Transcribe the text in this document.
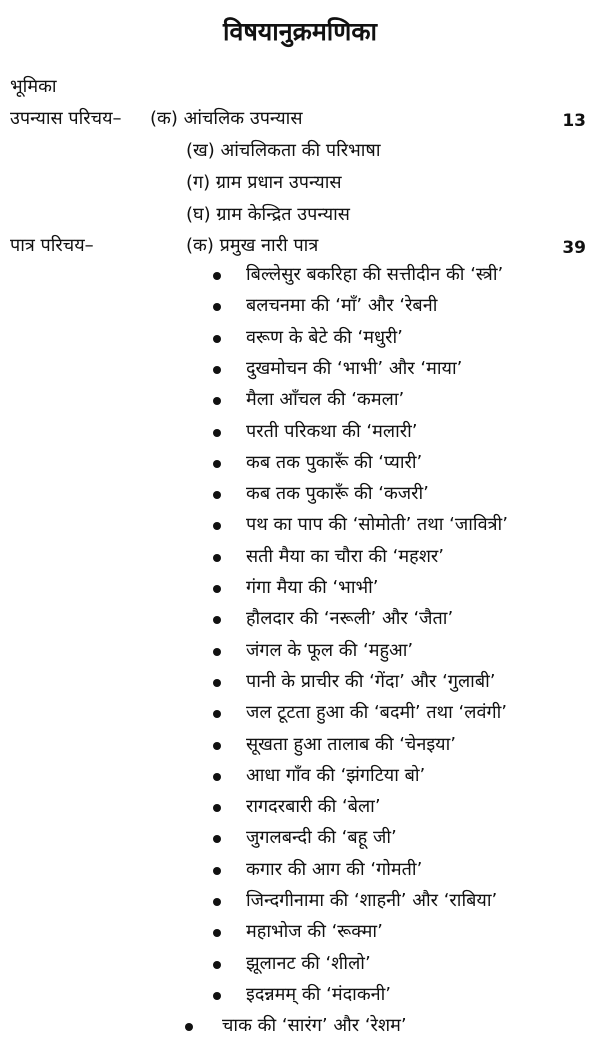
विषयानुक्रमणिका
भूमिका
उपन्यास परिचय– (क) आंचलिक उपन्यास	13
(ख) आंचलिकता की परिभाषा
(ग) ग्राम प्रधान उपन्यास
(घ) ग्राम केन्द्रित उपन्यास
पात्र परिचय–	(क) प्रमुख नारी पात्र	39
बिल्लेसुर बकरिहा की सत्तीदीन की ‘स्त्री’
बलचनमा की ‘माँ’ और ‘रेबनी
वरूण के बेटे की ‘मधुरी’
दुखमोचन की ‘भाभी’ और ‘माया’
मैला आँचल की ‘कमला’
परती परिकथा की ‘मलारी’
कब तक पुकारूँ की ‘प्यारी’
कब तक पुकारूँ की ‘कजरी’
पथ का पाप की ‘सोमोती’ तथा ‘जावित्री’
सती मैया का चौरा की ‘महशर’
गंगा मैया की ‘भाभी’
हौलदार की ‘नरूली’ और ‘जैता’
जंगल के फूल की ‘महुआ’
पानी के प्राचीर की ‘गेंदा’ और ‘गुलाबी’
जल टूटता हुआ की ‘बदमी’ तथा ‘लवंगी’
सूखता हुआ तालाब की ‘चेनइया’
आधा गाँव की ‘झंगटिया बो’
रागदरबारी की ‘बेला’
जुगलबन्दी की ‘बहू जी’
कगार की आग की ‘गोमती’
जिन्दगीनामा की ‘शाहनी’ और ‘राबिया’
महाभोज की ‘रूक्मा’
झूलानट की ‘शीलो’
इदन्नमम् की ‘मंदाकनी’
चाक की ‘सारंग’ और ‘रेशम’
